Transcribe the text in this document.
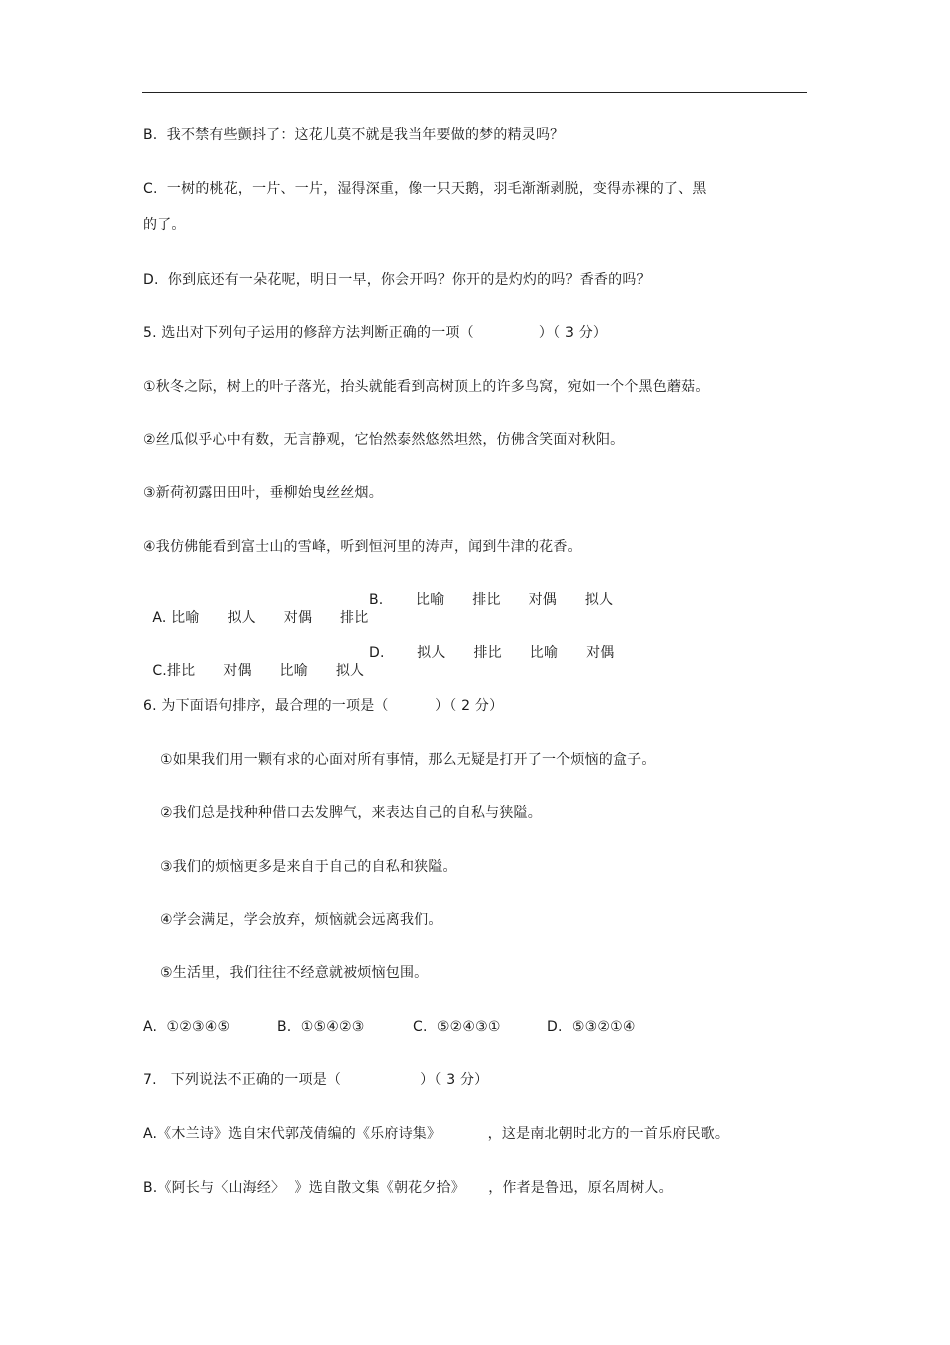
B.  我不禁有些颤抖了：这花儿莫不就是我当年要做的梦的精灵吗？
C.  一树的桃花，一片、一片，湿得深重，像一只天鹅，羽毛渐渐剥脱，变得赤裸的了、黑
的了。
D.  你到底还有一朵花呢，明日一早，你会开吗？你开的是灼灼的吗？香香的吗？
5. 选出对下列句子运用的修辞方法判断正确的一项（              ）（ 3 分）
①秋冬之际，树上的叶子落光，抬头就能看到高树顶上的许多鸟窝，宛如一个个黑色蘑菇。
②丝瓜似乎心中有数，无言静观，它怡然泰然悠然坦然，仿佛含笑面对秋阳。
③新荷初露田田叶，垂柳始曳丝丝烟。
④我仿佛能看到富士山的雪峰，听到恒河里的涛声，闻到牛津的花香。

A. 比喻      拟人      对偶      排比

B.       比喻      排比      对偶      拟人

C.排比      对偶      比喻      拟人

D.       拟人      排比      比喻      对偶

6. 为下面语句排序，最合理的一项是（          ）（ 2 分）
①如果我们用一颗有求的心面对所有事情，那么无疑是打开了一个烦恼的盒子。
②我们总是找种种借口去发脾气，来表达自己的自私与狭隘。
③我们的烦恼更多是来自于自己的自私和狭隘。
④学会满足，学会放弃，烦恼就会远离我们。
⑤生活里，我们往往不经意就被烦恼包围。

A.  ①②③④⑤

	B.  ①⑤④②③

	C.  ⑤②④③①

	D.  ⑤③②①④

7.   下列说法不正确的一项是（                 ）（ 3 分）
A.《木兰诗》选自宋代郭茂倩编的《乐府诗集》          ，这是南北朝时北方的一首乐府民歌。
B.《阿长与〈山海经〉  》选自散文集《朝花夕拾》     ，作者是鲁迅，原名周树人。
